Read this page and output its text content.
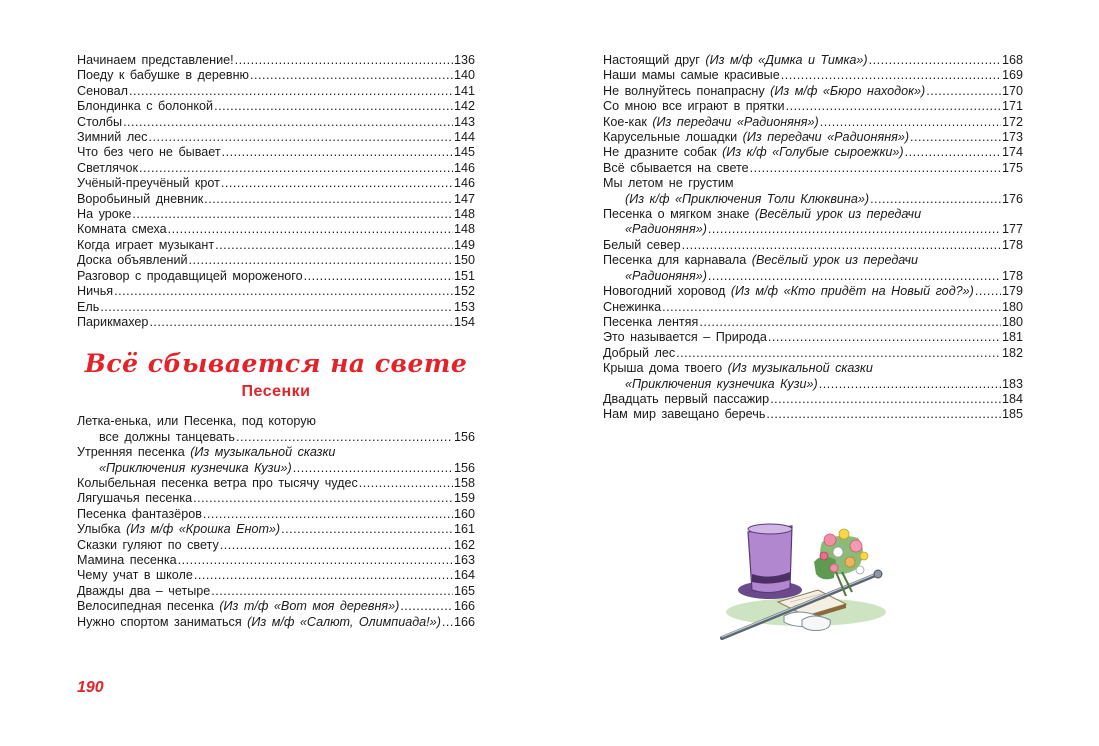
Начинаем представление! .....	136
Поеду к бабушке в деревню .....	140
Сеновал .....	141
Блондинка с болонкой .....	142
Столбы .....	143
Зимний лес .....	144
Что без чего не бывает .....	145
Светлячок .....	146
Учёный-преучёный крот .....	146
Воробьиный дневник .....	147
На уроке .....	148
Комната смеха .....	148
Когда играет музыкант .....	149
Доска объявлений .....	150
Разговор с продавщицей мороженого .....	151
Ничья .....	152
Ель .....	153
Парикмахер .....	154
Всё сбывается на свете
Песенки
Летка-енька, или Песенка, под которую
все должны танцевать .....	156
Утренняя песенка (Из музыкальной сказки
«Приключения кузнечика Кузи») .....	156
Колыбельная песенка ветра про тысячу чудес .....	158
Лягушачья песенка .....	159
Песенка фантазёров .....	160
Улыбка (Из м/ф «Крошка Енот») .....	161
Сказки гуляют по свету .....	162
Мамина песенка .....	163
Чему учат в школе .....	164
Дважды два – четыре .....	165
Велосипедная песенка (Из т/ф «Вот моя деревня») .....	166
Нужно спортом заниматься (Из м/ф «Салют, Олимпиада!») ..... 166
Настоящий друг (Из м/ф «Димка и Тимка») .....	168
Наши мамы самые красивые .....	169
Не волнуйтесь понапрасну (Из м/ф «Бюро находок») .....	170
Со мною все играют в прятки .....	171
Кое-как (Из передачи «Радионяня») .....	172
Карусельные лошадки (Из передачи «Радионяня») .....	173
Не дразните собак (Из к/ф «Голубые сыроежки») .....	174
Всё сбывается на свете .....	175
Мы летом не грустим
(Из к/ф «Приключения Толи Клюквина») .....	176
Песенка о мягком знаке (Весёлый урок из передачи
«Радионяня») .....	177
Белый север .....	178
Песенка для карнавала (Весёлый урок из передачи
«Радионяня») .....	178
Новогодний хоровод (Из м/ф «Кто придёт на Новый год?») ..... 179
Снежинка .....	180
Песенка лентяя .....	180
Это называется – Природа .....	181
Добрый лес .....	182
Крыша дома твоего (Из музыкальной сказки
«Приключения кузнечика Кузи») .....	183
Двадцать первый пассажир .....	184
Нам мир завещано беречь .....	185
190
